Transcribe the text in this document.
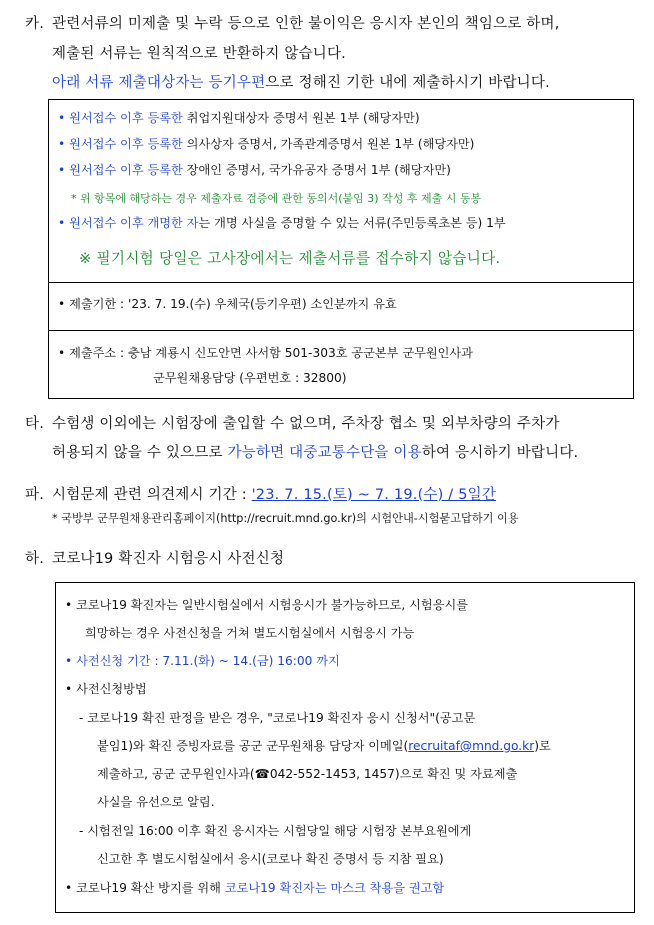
카. 관련서류의 미제출 및 누락 등으로 인한 불이익은 응시자 본인의 책임으로 하며,
제출된 서류는 원칙적으로 반환하지 않습니다.
아래 서류 제출대상자는 등기우편으로 정해진 기한 내에 제출하시기 바랍니다.
• 원서접수 이후 등록한 취업지원대상자 증명서 원본 1부 (해당자만)
• 원서접수 이후 등록한 의사상자 증명서, 가족관계증명서 원본 1부 (해당자만)
• 원서접수 이후 등록한 장애인 증명서, 국가유공자 증명서 1부 (해당자만)
* 위 항목에 해당하는 경우 제출자료 검증에 관한 동의서(붙임 3) 작성 후 제출 시 동봉
• 원서접수 이후 개명한 자는 개명 사실을 증명할 수 있는 서류(주민등록초본 등) 1부
※ 필기시험 당일은 고사장에서는 제출서류를 접수하지 않습니다.
• 제출기한 : '23. 7. 19.(수) 우체국(등기우편) 소인분까지 유효
• 제출주소 : 충남 계룡시 신도안면 사서함 501-303호 공군본부 군무원인사과
군무원채용담당 (우편번호 : 32800)
타. 수험생 이외에는 시험장에 출입할 수 없으며, 주차장 협소 및 외부차량의 주차가
허용되지 않을 수 있으므로 가능하면 대중교통수단을 이용하여 응시하기 바랍니다.
파. 시험문제 관련 의견제시 기간 : '23. 7. 15.(토) ~ 7. 19.(수) / 5일간
* 국방부 군무원채용관리홈페이지(http://recruit.mnd.go.kr)의 시험안내-시험묻고답하기 이용
하. 코로나19 확진자 시험응시 사전신청
• 코로나19 확진자는 일반시험실에서 시험응시가 불가능하므로, 시험응시를
희망하는 경우 사전신청을 거쳐 별도시험실에서 시험응시 가능
• 사전신청 기간 : 7.11.(화) ~ 14.(금) 16:00 까지
• 사전신청방법
- 코로나19 확진 판정을 받은 경우, "코로나19 확진자 응시 신청서"(공고문
붙임1)와 확진 증빙자료를 공군 군무원채용 담당자 이메일(recruitaf@mnd.go.kr)로
제출하고, 공군 군무원인사과(☎042-552-1453, 1457)으로 확진 및 자료제출
사실을 유선으로 알림.
- 시험전일 16:00 이후 확진 응시자는 시험당일 해당 시험장 본부요원에게
신고한 후 별도시험실에서 응시(코로나 확진 증명서 등 지참 필요)
• 코로나19 확산 방지를 위해 코로나19 확진자는 마스크 착용을 권고함
